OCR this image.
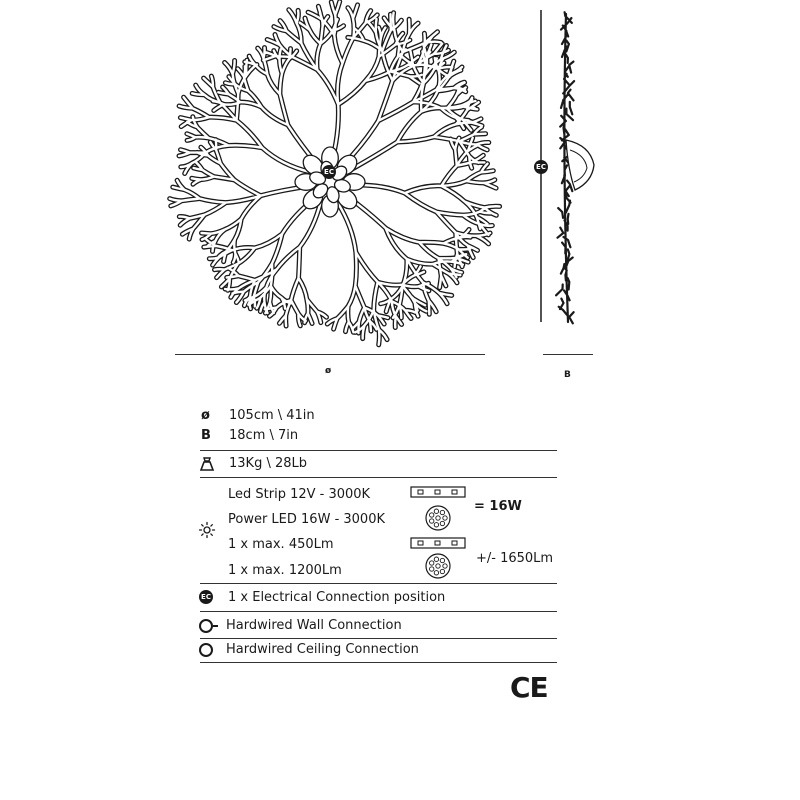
EC
EC
ø	B
ø 105cm \ 41in
B 18cm \ 7in
13Kg \ 28Lb
Led Strip 12V - 3000K
Power LED 16W - 3000K
1 x max. 450Lm
1 x max. 1200Lm
= 16W
+/- 1650Lm
EC 1 x Electrical Connection position
Hardwired Wall Connection
Hardwired Ceiling Connection
CE
